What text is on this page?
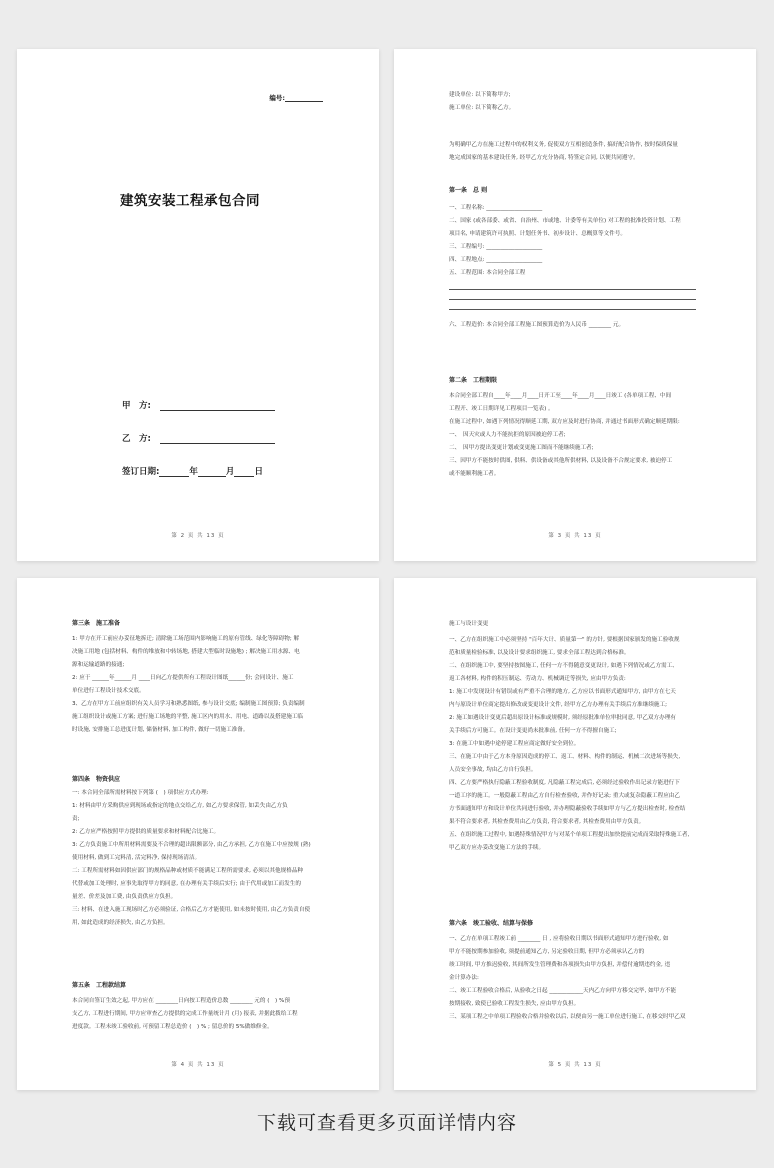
编号:
建筑安装工程承包合同
甲　方:
乙　方:
签订日期:	年	月 日
第 2 页 共 13 页

建设单位: 以下简称甲方;

施工单位: 以下简称乙方。

为明确甲乙方在施工过程中的权利义务, 促使双方互相创造条件, 搞好配合协作, 按时保质保量

地完成国家的基本建设任务, 经甲乙方充分协商, 特签定合同, 以便共同遵守。

第一条　总 则

一、工程名称: ____________________

二、国家 (或各部委、或省、自治州、市或地、计委等有关单位) 对工程的批准投资计划、工程

项目名, 申请建筑许可执照、计划任务书、初步设计、总概算等文件号。

三、工程编号: ____________________

四、工程地点: ____________________

五、工程范围: 本合同全部工程

六、工程造价: 本合同全部工程施工图预算造价为人民币 ________ 元。

第二条　工程期限

本合同全部工程自____年____月____日开工至____年____月____日竣工 (各单项工程、中间

工程开、竣工日期详见工程项目一览表) 。

在施工过程中, 如遇下列情况得顺延工期, 双方应及时进行协商, 并通过书面形式确定顺延期限:

一、　因天灾或人力不能抗拒的原因被迫停工者;

二、　因甲方提出变更计划或变更施工图而不能继续施工者;

三、因甲方不能按时供图, 供料、供设备或其他所供材料, 以及设备不合规定要求, 被迫停工

或不能顺利施工者。

第 3 页 共 13 页
第三条　施工准备

1: 甲方在开工前应办妥征地拆迁; 清除施工场范围内影响施工的原有管线、绿化等障碍物; 解

决施工用地 (包括材料、构件的堆放和中转场地, 搭建大型临时设施地) ; 解决施工用水源、电

源和运输道路的接通;

2: 应于 ______年______月 ____日向乙方提供所有工程设计图纸______份; 会同设计、施工

单位进行工程设计技术交底。

3、乙方在甲方工前应组织有关人员学习和熟悉图纸, 参与设计交底; 编制施工图预算; 负责编制

施工组织设计或施工方案; 进行施工场地的平整, 施工区内的用水、用电、道路以及搭建施工临

时设施, 安排施工总进度计划, 储备材料, 加工构件, 做好一切施工准备。

第四条　物资供应

一: 本合同全部所需材料按下列第 (　) 项供应方式办理:

1: 材料由甲方采购供应到现场或指定的地点交给乙方, 如乙方要求保管, 如丢失由乙方负

责;

2: 乙方应严格按照甲方提供的质量要求和材料配合比施工。

3: 乙方负责施工中所用材料需要及不合理的超出限额部分, 由乙方承担, 乙方在施工中应按规 (熟)

使用材料, 做到工完料清, 活完料净, 保持现场清洁。

二: 工程所需材料如因供应部门的规格品种或材质不能满足工程所需要求, 必须以其他规格品种

代替或加工处理时, 应事先取得甲方的同意, 在办理有关手续后实行; 由于代用或加工而发生的

量差、价差及加工费, 由负责供应方负担。

三: 材料、在进入施工现场时乙方必须验证, 合格后乙方才能使用, 如未按时使用, 由乙方负责自使

用, 如此造成的经济损失, 由乙方负担。

第五条　工程款结算

本合同自签订生效之起, 甲方应在 ________日向按工程造价总数 ________ 元的 (　) %预

支乙方, 工程进行期间, 甲方应审查乙方提供的完成工作量统计月 (月) 报表, 并据此拨给工程

进度款。工程未竣工验收前, 可预留工程总造价 (　) % ; 留总价的 5%做维修金。

第 4 页 共 13 页
施工与设计变更

一、乙方在组织施工中必须坚持 "百年大计、质量第一" 的方针, 要根据国家颁发的施工验收规

范和质量检验标准, 以及设计要求组织施工, 要求全部工程达到合格标准。

二、在组织施工中, 要坚持按图施工, 任何一方不得随意变更设计, 如遇下列情况或乙方需工、

返工各材料, 构件的积压制运、劳动力、机械调迁等损失, 应由甲方负责:

1: 施工中发现设计有错误或有严重不合理的地方, 乙方应以书面形式通知甲方, 由甲方在七天

内与原设计单位商定提出修改或变更设计文件, 经甲方乙方办理有关手续后方准继续施工;

2: 施工如遇设计变更后超出原设计标准或规模时, 须经原批准单位审批同意, 甲乙双方办理有

关手续后方可施工。在设计变更尚未批准前, 任何一方不得擅自施工;

3: 在施工中如遇中途停建工程应商定做好安全到位。

三、在施工中由于乙方本身原因造成的停工、返工、材料、构件的制运、机械二次进场等损失,

人员安全事故, 均由乙方自行负担。

四、乙方要严格执行隐蔽工程验收制度, 凡隐蔽工程完成后, 必须经过验收作出记录方能进行下

一道工序的施工。一般隐蔽工程由乙方自行检查验收, 并作好记录; 重大或复杂隐蔽工程应由乙

方书面通知甲方和设计单位共同进行验收, 并办理隐蔽验收手续如甲方与乙方提出检查时, 检查结

果不符合要求者, 其检查费用由乙方负责, 符合要求者, 其检查费用由甲方负责。

五、在组织施工过程中, 如遇特殊情况甲方与对某个单项工程提出加快提前完成而采取特殊施工者,

甲乙双方应办妥改变施工方法的手续。

第六条　竣工验收、结算与保修

一、乙方在单项工程竣工前 ________ 日 , 应将验收日期以书面形式通知甲方进行验收, 如

甲方不能按期参加验收, 须提前通知乙方, 另定验收日期, 但甲方必须承认乙方的

竣工时间, 甲方推迟验收, 其间所发生管理费和各项损失由甲方负担, 并偿付逾期违约金, 违

金计算办法:

二、竣工工程验收合格后, 从验收之日起 ____________天内乙方向甲方移交完毕, 如甲方不能

按期接收, 致使已验收工程发生损失, 应由甲方负担。

三、某项工程之中单项工程验收合格并验收以后, 以便由另一施工单位进行施工, 在移交时甲乙双

第 5 页 共 13 页
下载可查看更多页面详情内容
